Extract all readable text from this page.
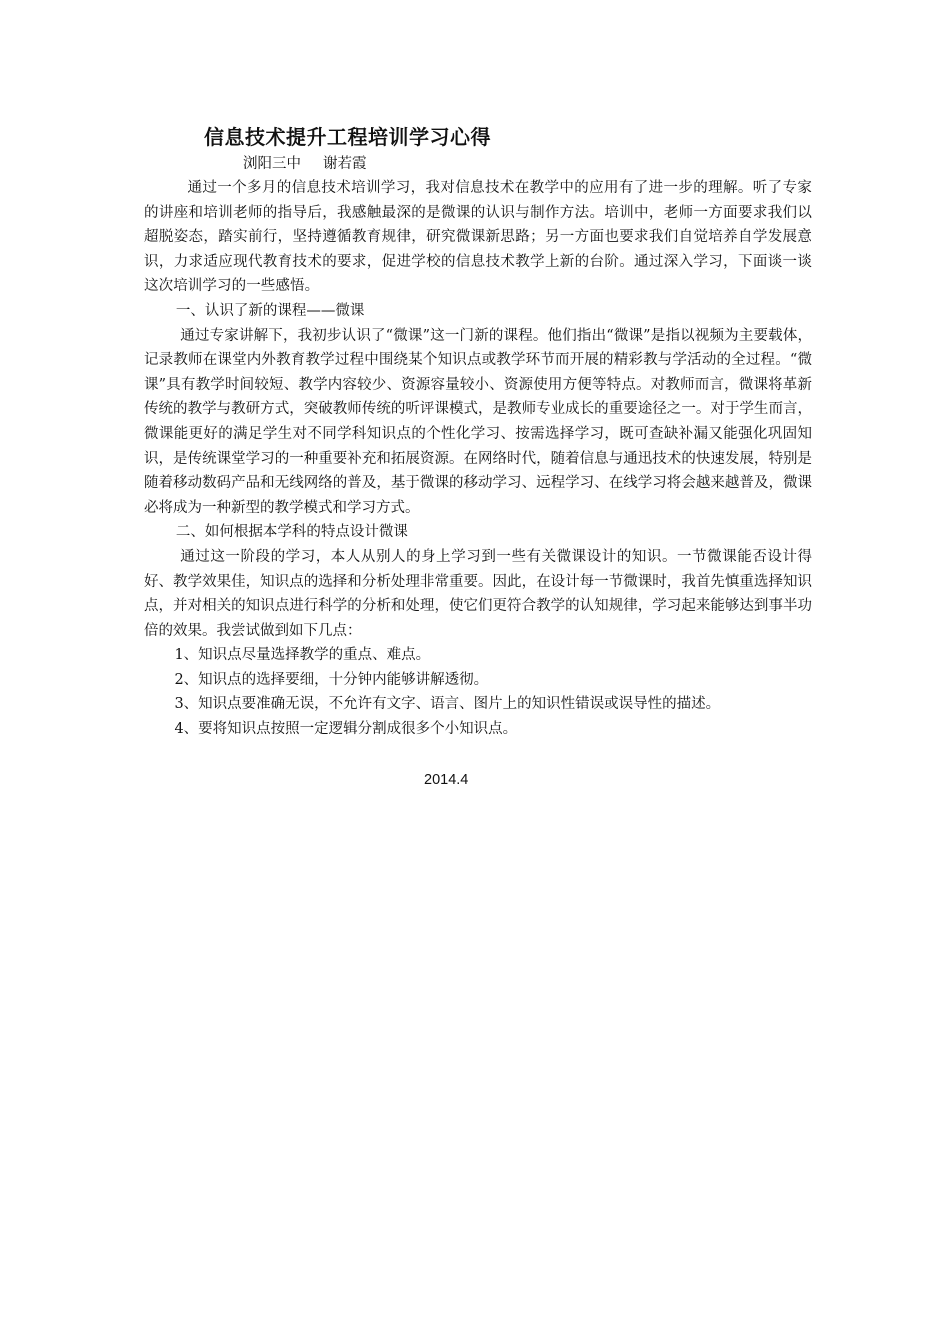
信息技术提升工程培训学习心得

浏阳三中 谢若霞

通过一个多月的信息技术培训学习，我对信息技术在教学中的应用有了进一步的理解。听了专家的讲座和培训老师的指导后，我感触最深的是微课的认识与制作方法。培训中，老师一方面要求我们以超脱姿态，踏实前行，坚持遵循教育规律，研究微课新思路；另一方面也要求我们自觉培养自学发展意识，力求适应现代教育技术的要求，促进学校的信息技术教学上新的台阶。通过深入学习，下面谈一谈这次培训学习的一些感悟。

一、认识了新的课程——微课

通过专家讲解下，我初步认识了“微课”这一门新的课程。他们指出“微课”是指以视频为主要载体，记录教师在课堂内外教育教学过程中围绕某个知识点或教学环节而开展的精彩教与学活动的全过程。“微课”具有教学时间较短、教学内容较少、资源容量较小、资源使用方便等特点。对教师而言，微课将革新传统的教学与教研方式，突破教师传统的听评课模式，是教师专业成长的重要途径之一。对于学生而言，微课能更好的满足学生对不同学科知识点的个性化学习、按需选择学习，既可查缺补漏又能强化巩固知识，是传统课堂学习的一种重要补充和拓展资源。在网络时代，随着信息与通迅技术的快速发展，特别是随着移动数码产品和无线网络的普及，基于微课的移动学习、远程学习、在线学习将会越来越普及，微课必将成为一种新型的教学模式和学习方式。

二、如何根据本学科的特点设计微课

通过这一阶段的学习，本人从别人的身上学习到一些有关微课设计的知识。一节微课能否设计得好、教学效果佳，知识点的选择和分析处理非常重要。因此，在设计每一节微课时，我首先慎重选择知识点，并对相关的知识点进行科学的分析和处理，使它们更符合教学的认知规律，学习起来能够达到事半功倍的效果。我尝试做到如下几点：

1、知识点尽量选择教学的重点、难点。

2、知识点的选择要细，十分钟内能够讲解透彻。

3、知识点要准确无误，不允许有文字、语言、图片上的知识性错误或误导性的描述。

4、要将知识点按照一定逻辑分割成很多个小知识点。

2014.4
